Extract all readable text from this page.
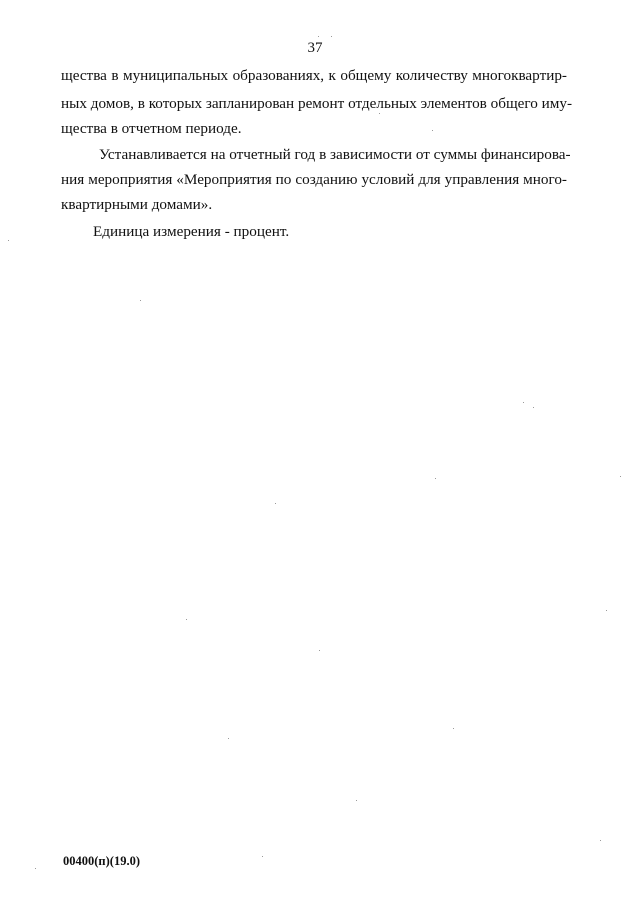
37
щества в муниципальных образованиях, к общему количеству многоквартир-
ных домов, в которых запланирован ремонт отдельных элементов общего иму-
щества в отчетном периоде.
Устанавливается на отчетный год в зависимости от суммы финансирова-
ния мероприятия «Мероприятия по созданию условий для управления много-
квартирными домами».
Единица измерения - процент.
00400(п)(19.0)
